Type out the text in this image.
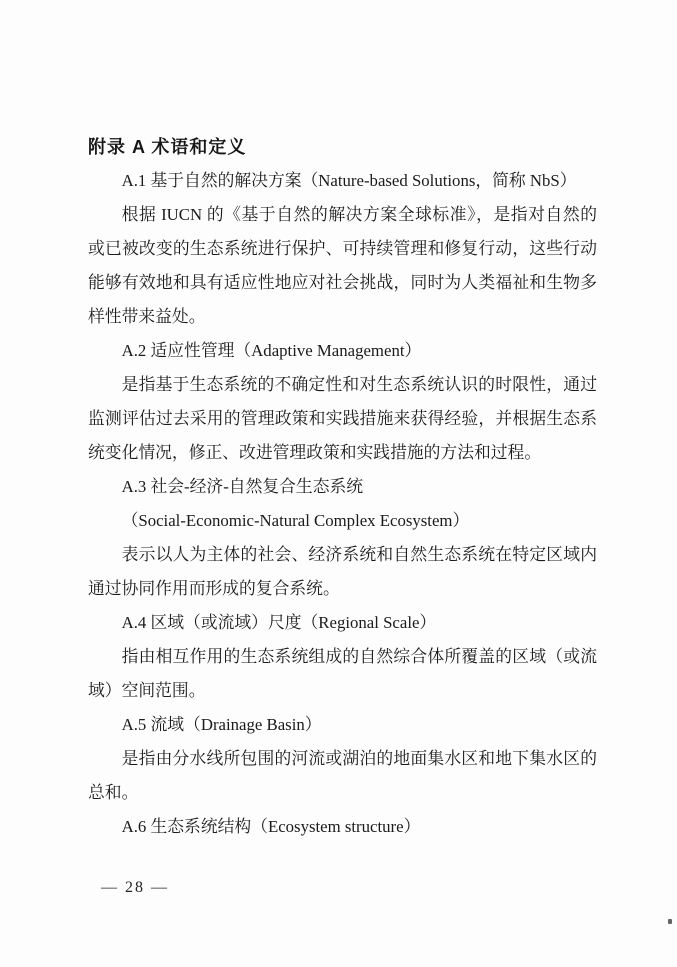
附录 A 术语和定义

A.1 基于自然的解决方案（Nature-based Solutions，简称 NbS）

根据 IUCN 的《基于自然的解决方案全球标准》，是指对自然的或已被改变的生态系统进行保护、可持续管理和修复行动，这些行动能够有效地和具有适应性地应对社会挑战，同时为人类福祉和生物多样性带来益处。

A.2 适应性管理（Adaptive Management）

是指基于生态系统的不确定性和对生态系统认识的时限性，通过监测评估过去采用的管理政策和实践措施来获得经验，并根据生态系统变化情况，修正、改进管理政策和实践措施的方法和过程。

A.3 社会-经济-自然复合生态系统

（Social-Economic-Natural Complex Ecosystem）

表示以人为主体的社会、经济系统和自然生态系统在特定区域内通过协同作用而形成的复合系统。

A.4 区域（或流域）尺度（Regional Scale）

指由相互作用的生态系统组成的自然综合体所覆盖的区域（或流域）空间范围。

A.5 流域（Drainage Basin）

是指由分水线所包围的河流或湖泊的地面集水区和地下集水区的总和。

A.6 生态系统结构（Ecosystem structure）

— 28 —
